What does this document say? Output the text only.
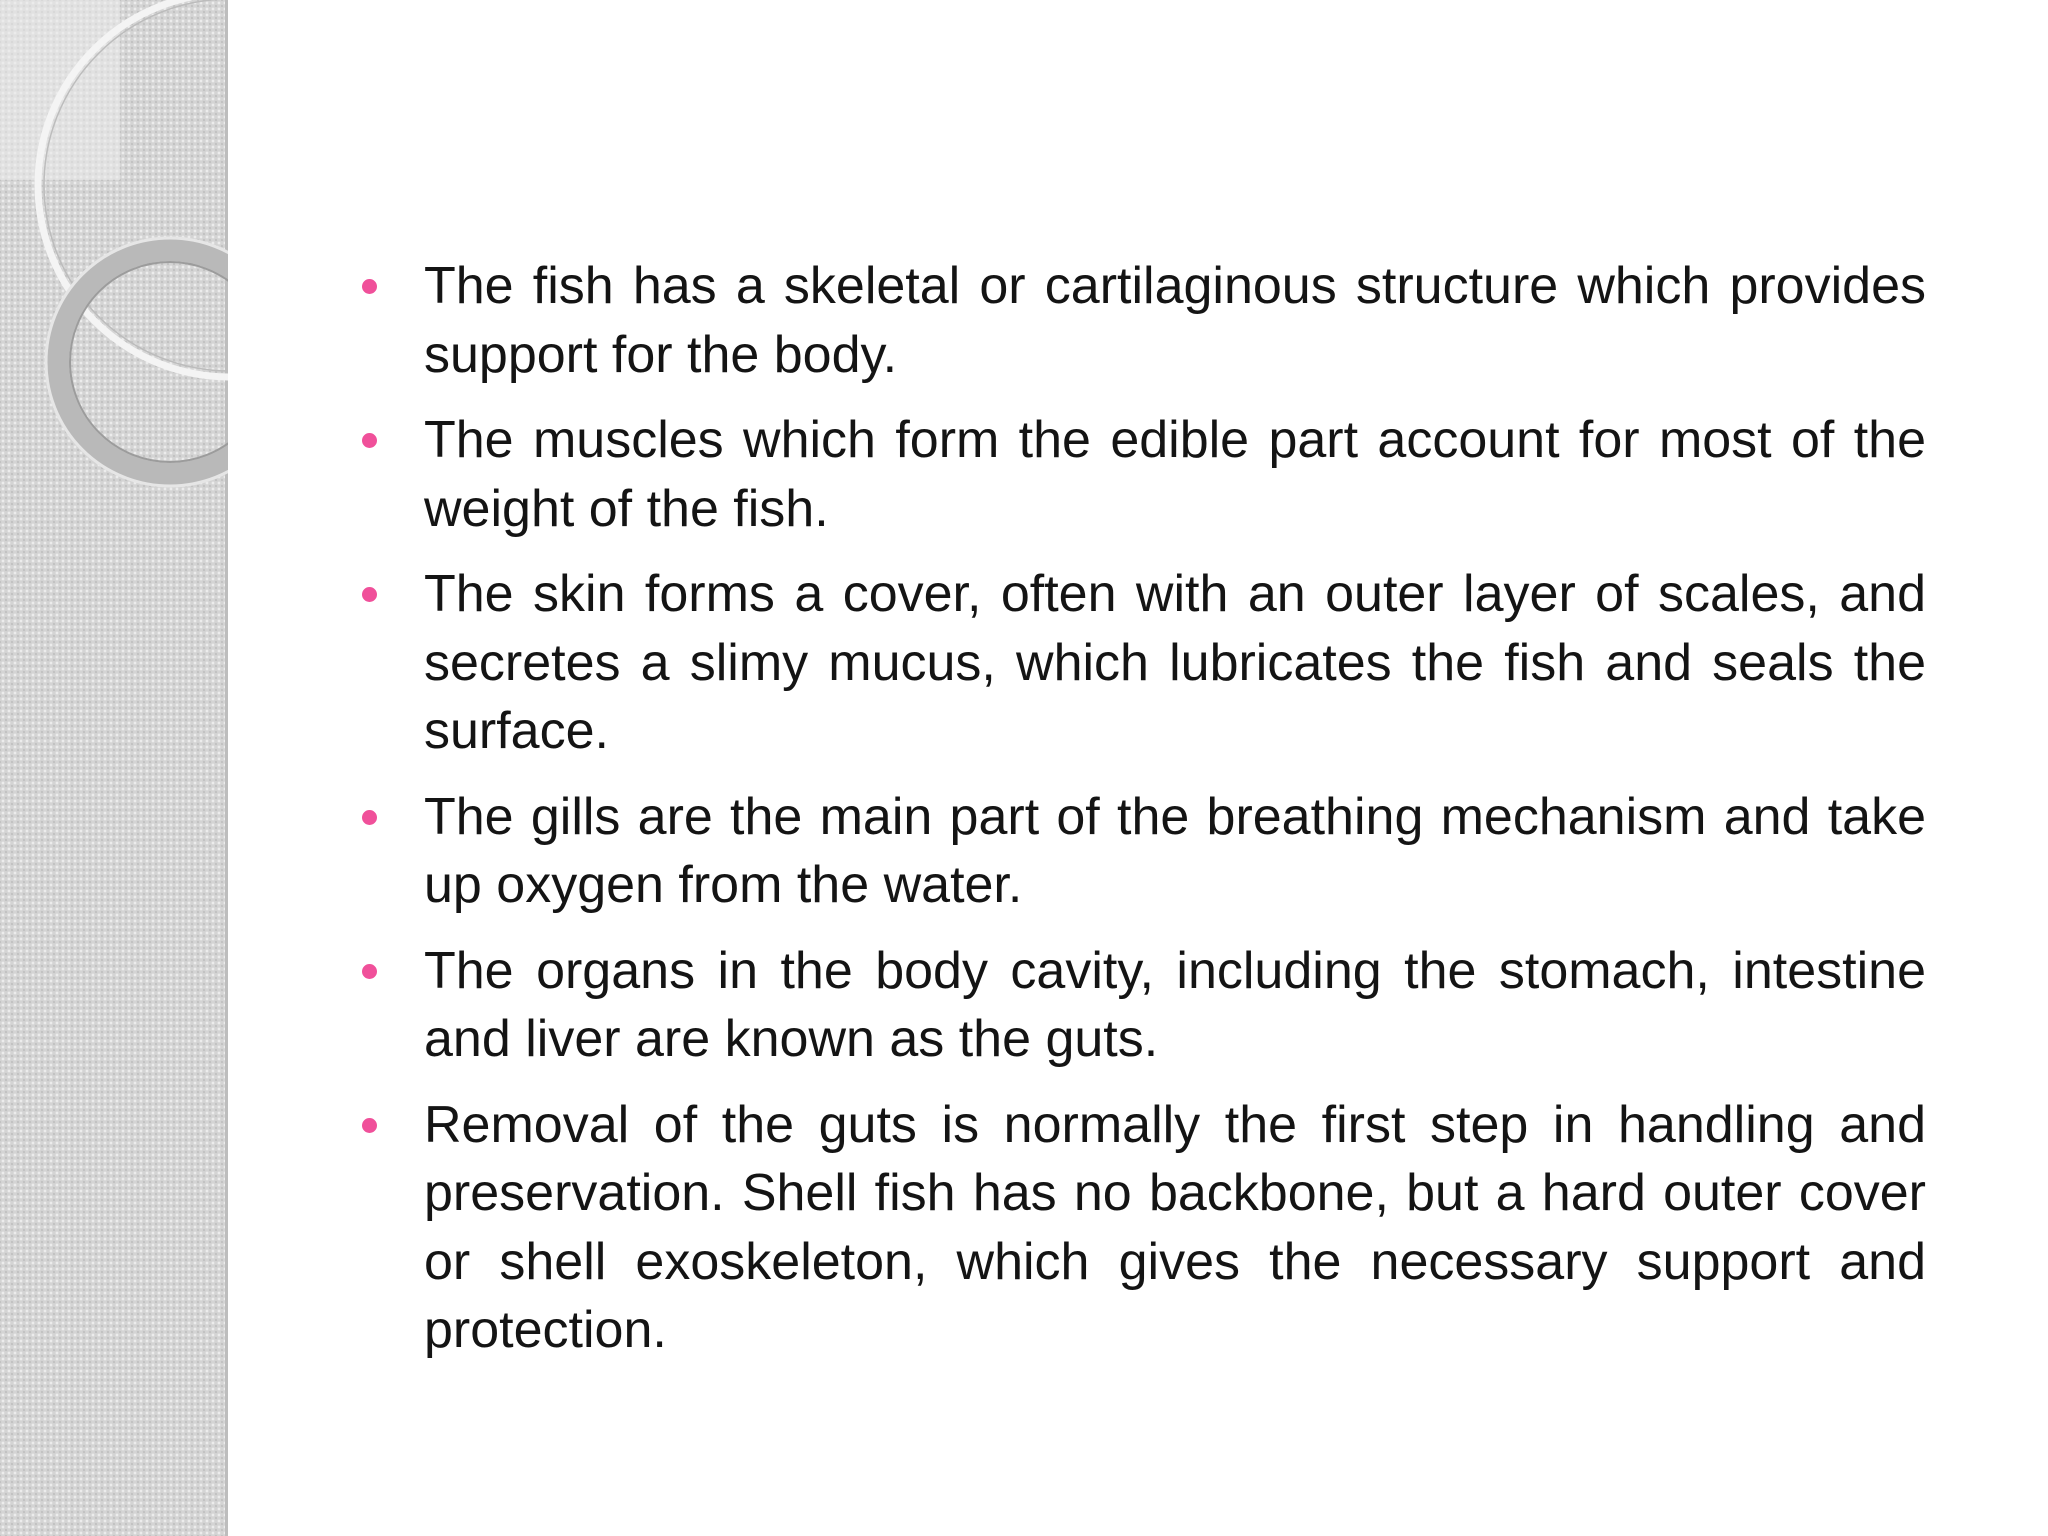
The fish has a skeletal or cartilaginous structure which provides support for the body.
The muscles which form the edible part account for most of the weight of the fish.
The skin forms a cover, often with an outer layer of scales, and secretes a slimy mucus, which lubricates the fish and seals the surface.
The gills are the main part of the breathing mechanism and take up oxygen from the water.
The organs in the body cavity, including the stomach, intestine and liver are known as the guts.
Removal of the guts is normally the first step in handling and preservation. Shell fish has no backbone, but a hard outer cover or shell exoskeleton, which gives the necessary support and protection.
